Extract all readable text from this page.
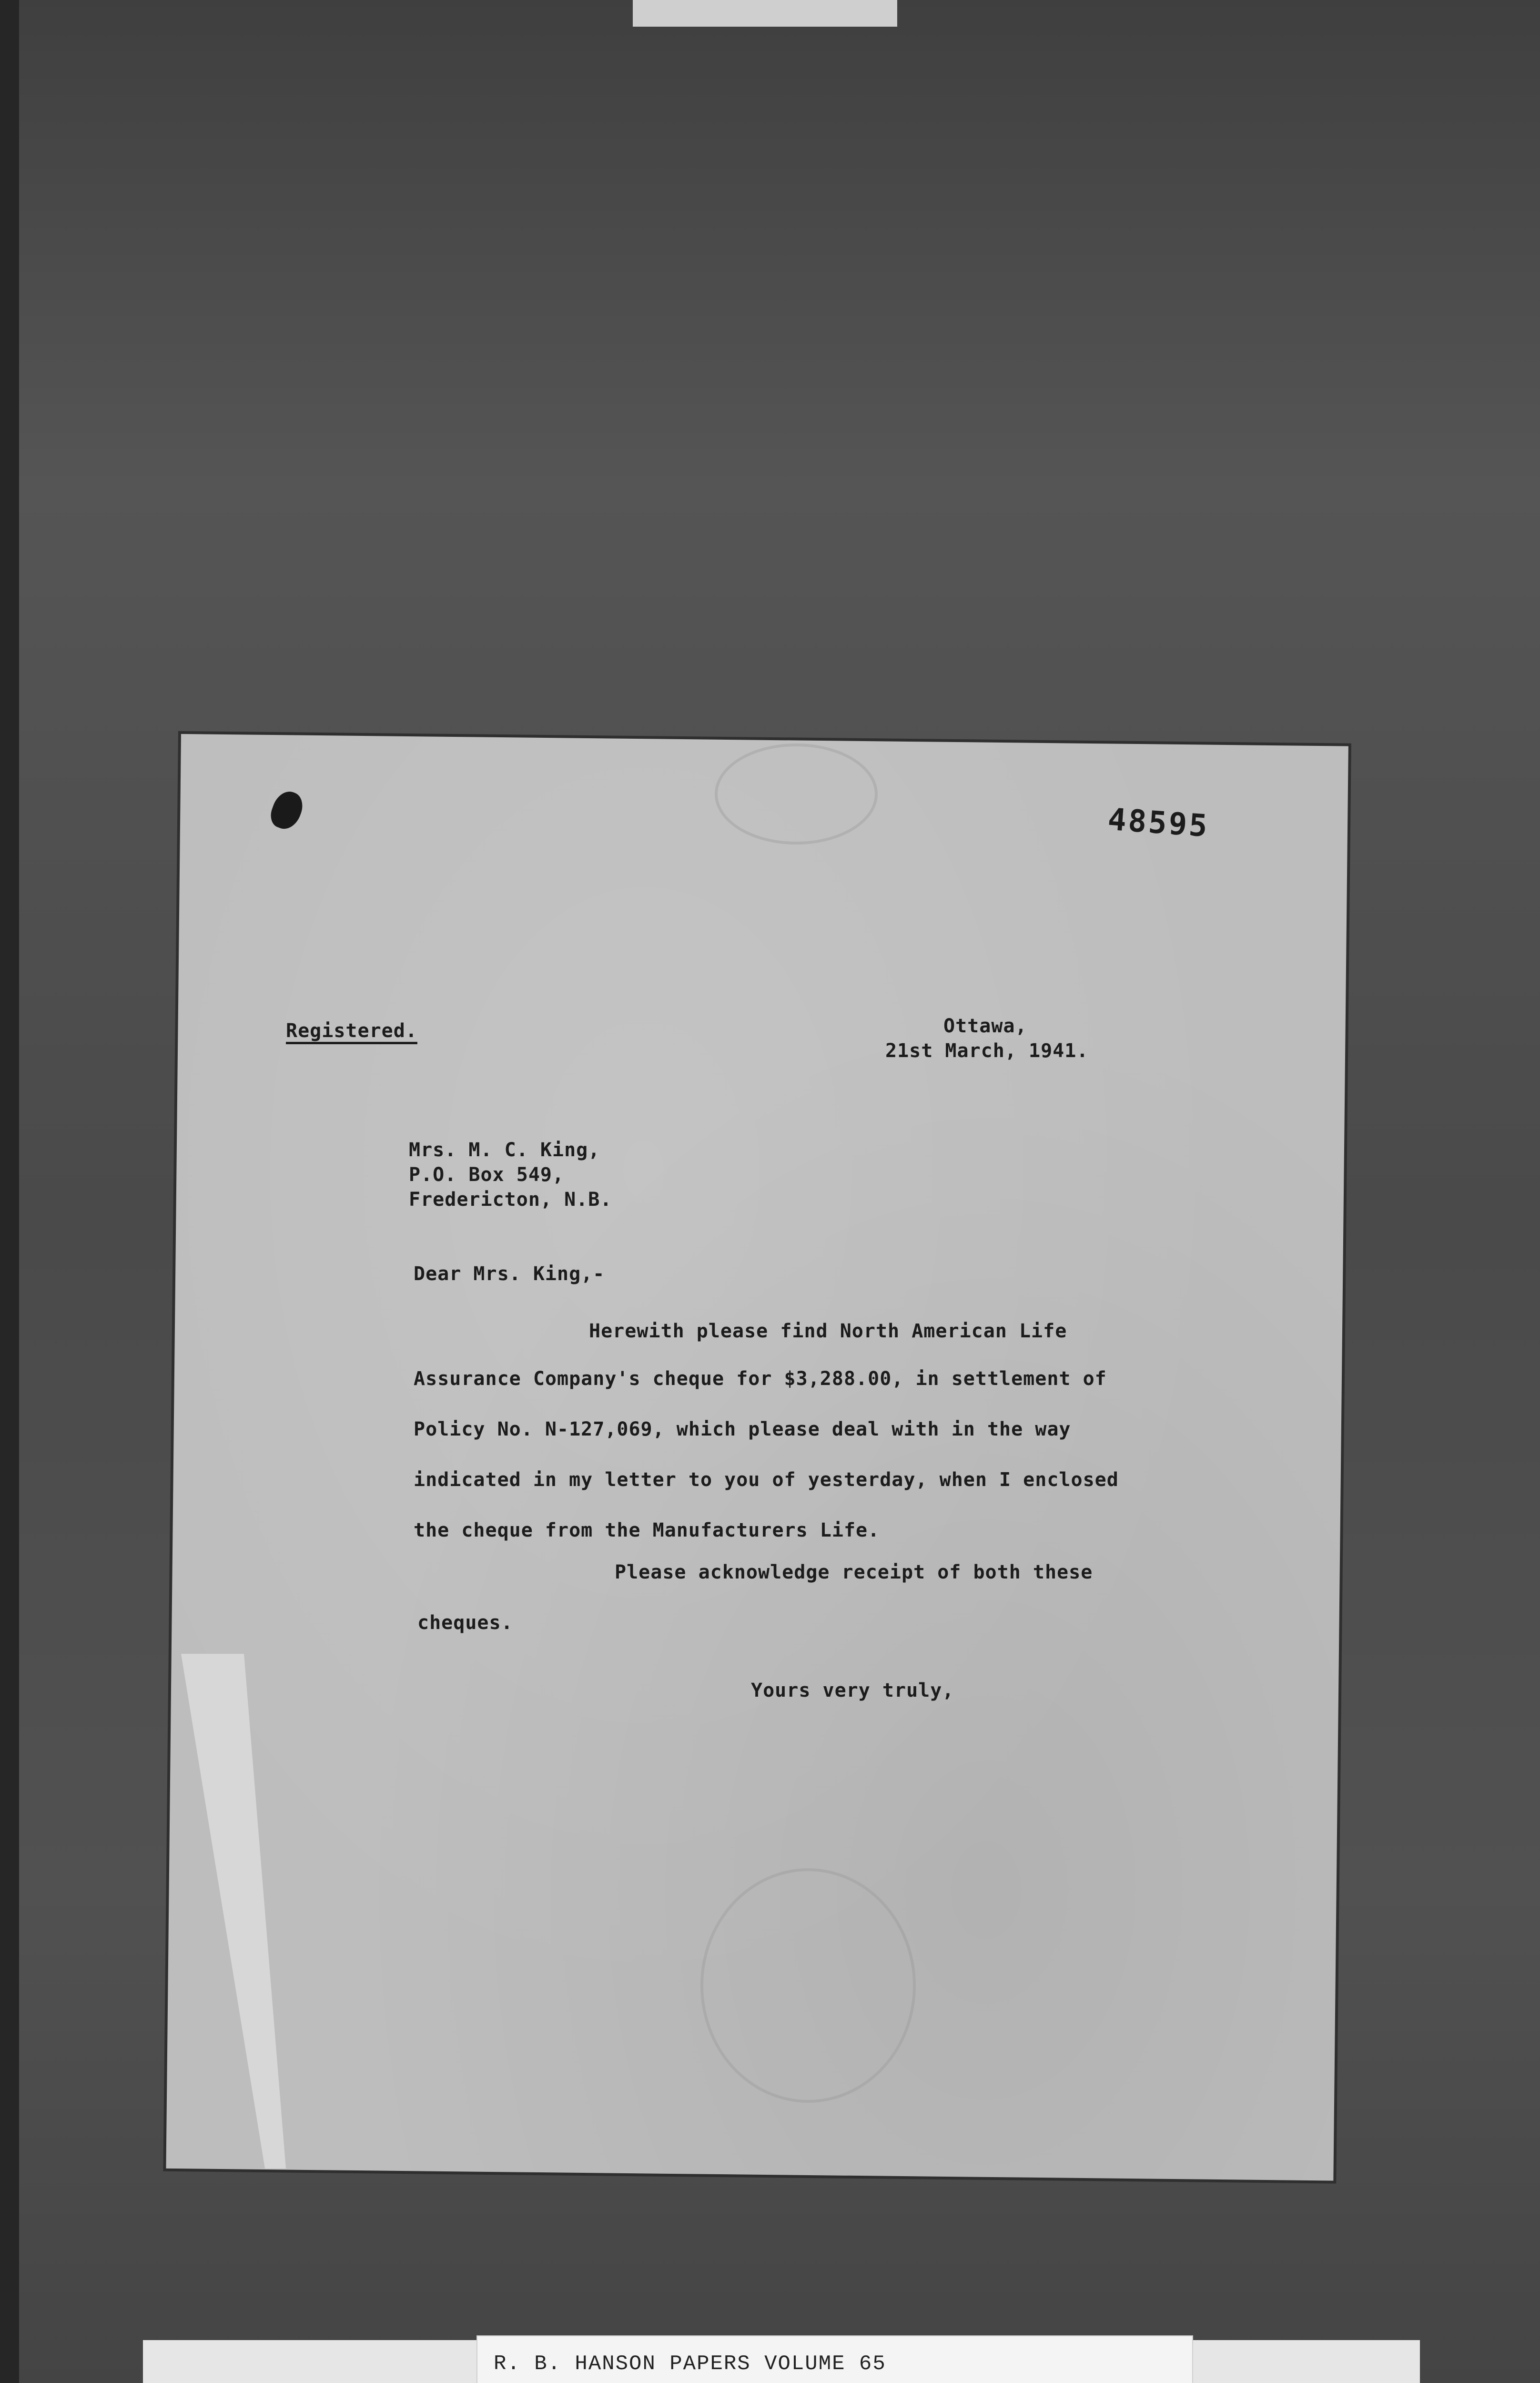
48595
Registered.	Ottawa,
21st March, 1941.
Mrs. M. C. King,
P.O. Box 549,
Fredericton, N.B.
Dear Mrs. King,-
Herewith please find North American Life
Assurance Company's cheque for $3,288.00, in settlement of
Policy No. N-127,069, which please deal with in the way
indicated in my letter to you of yesterday, when I enclosed
the cheque from the Manufacturers Life.
Please acknowledge receipt of both these
cheques.
Yours very truly,
R. B. HANSON PAPERS VOLUME 65
